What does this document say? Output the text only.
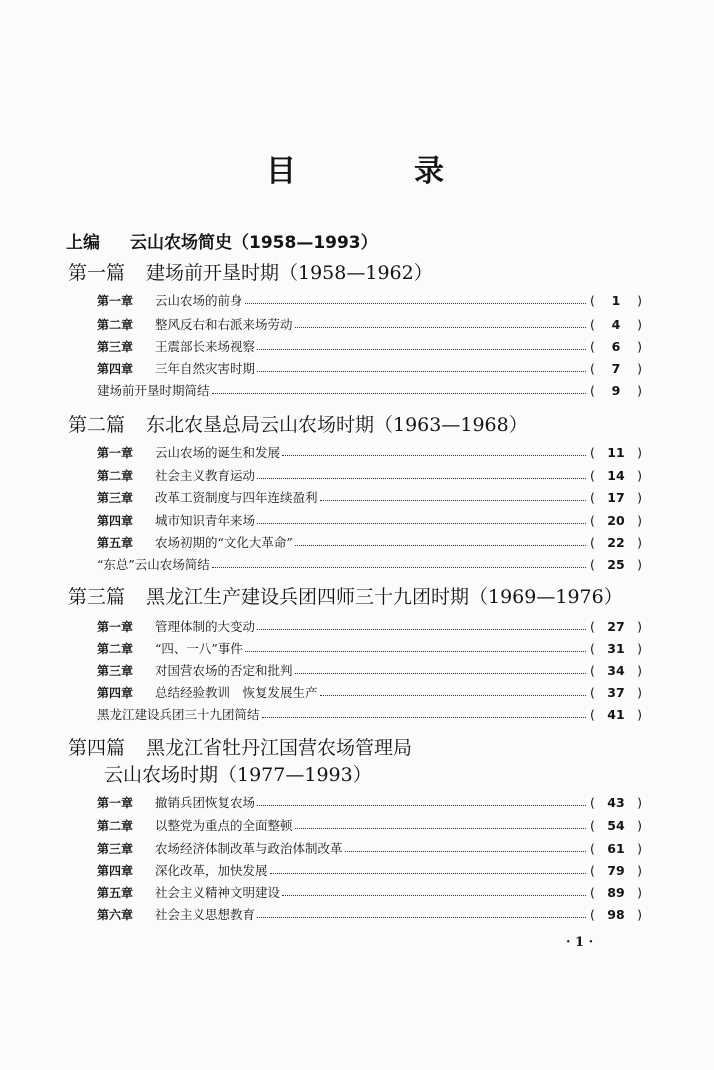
目	录
上编 云山农场简史（1958—1993）
第一篇 建场前开垦时期（1958—1962）
第一章	云山农场的前身	(	1	)
第二章	整风反右和右派来场劳动	(	4	)
第三章	王震部长来场视察	(	6	)
第四章	三年自然灾害时期	(	7	)
建场前开垦时期简结	(	9	)
第二篇 东北农垦总局云山农场时期（1963—1968）
第一章	云山农场的诞生和发展	( 11 )
第二章	社会主义教育运动	( 14 )
第三章	改革工资制度与四年连续盈利	( 17 )
第四章	城市知识青年来场	( 20 )
第五章	农场初期的“文化大革命”	( 22 )
“东总”云山农场简结	( 25 )
第三篇 黑龙江生产建设兵团四师三十九团时期（1969—1976）
第一章	管理体制的大变动	( 27 )
第二章	“四、一八”事件	( 31 )
第三章	对国营农场的否定和批判	( 34 )
第四章	总结经验教训　恢复发展生产	( 37 )
黑龙江建设兵团三十九团简结	( 41 )
第四篇 黑龙江省牡丹江国营农场管理局
云山农场时期（1977—1993）
第一章	撤销兵团恢复农场	( 43 )
第二章	以整党为重点的全面整顿	( 54 )
第三章	农场经济体制改革与政治体制改革	( 61 )
第四章	深化改革，加快发展	( 79 )
第五章	社会主义精神文明建设	( 89 )
第六章	社会主义思想教育	( 98 )
· 1 ·
